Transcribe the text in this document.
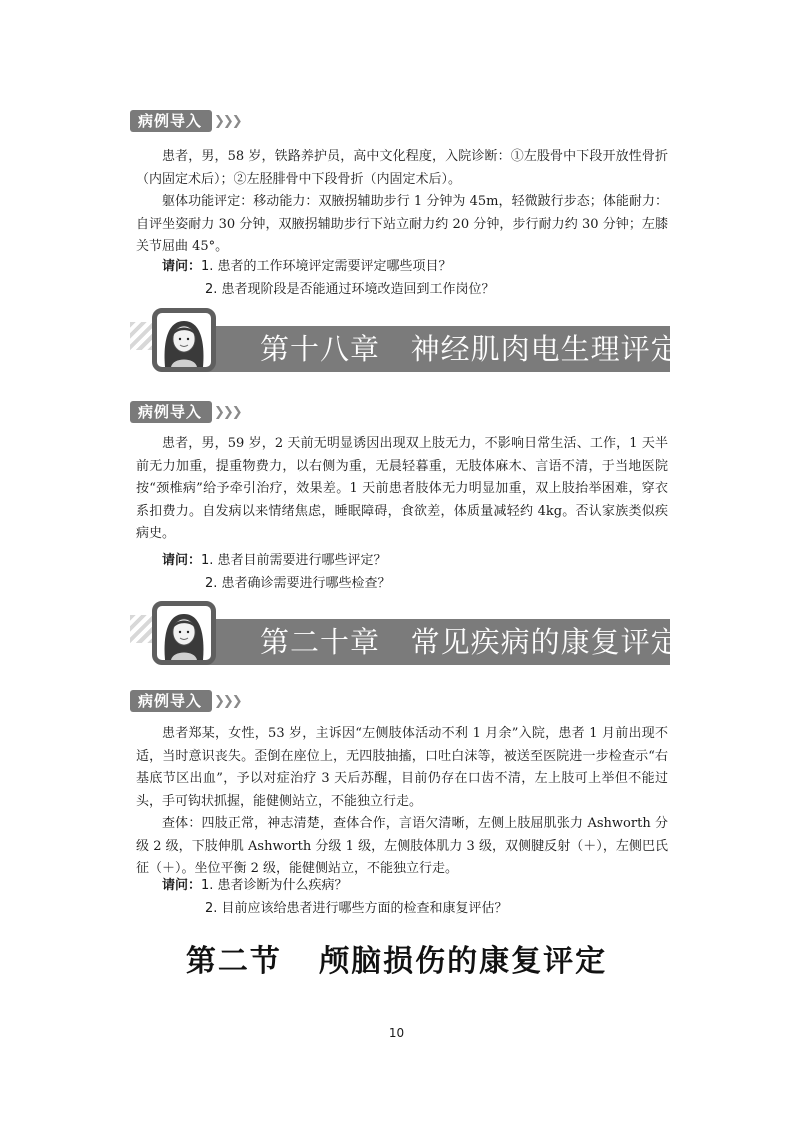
病例导入 ❯❯❯

患者，男，58 岁，铁路养护员，高中文化程度，入院诊断：①左股骨中下段开放性骨折（内固定术后）；②左胫腓骨中下段骨折（内固定术后）。

躯体功能评定：移动能力：双腋拐辅助步行 1 分钟为 45m，轻微跛行步态；体能耐力：自评坐姿耐力 30 分钟，双腋拐辅助步行下站立耐力约 20 分钟，步行耐力约 30 分钟；左膝关节屈曲 45°。

请问：1. 患者的工作环境评定需要评定哪些项目？
2. 患者现阶段是否能通过环境改造回到工作岗位？
第十八章   神经肌肉电生理评定
病例导入 ❯❯❯

患者，男，59 岁，2 天前无明显诱因出现双上肢无力，不影响日常生活、工作，1 天半前无力加重，提重物费力，以右侧为重，无晨轻暮重，无肢体麻木、言语不清，于当地医院按“颈椎病”给予牵引治疗，效果差。1 天前患者肢体无力明显加重，双上肢抬举困难，穿衣系扣费力。自发病以来情绪焦虑，睡眠障碍，食欲差，体质量减轻约 4kg。否认家族类似疾病史。

请问：1. 患者目前需要进行哪些评定？
2. 患者确诊需要进行哪些检查？
第二十章   常见疾病的康复评定
病例导入 ❯❯❯

患者郑某，女性，53 岁，主诉因“左侧肢体活动不利 1 月余”入院，患者 1 月前出现不适，当时意识丧失。歪倒在座位上，无四肢抽搐，口吐白沫等，被送至医院进一步检查示“右基底节区出血”，予以对症治疗 3 天后苏醒，目前仍存在口齿不清，左上肢可上举但不能过头，手可钩状抓握，能健侧站立，不能独立行走。

查体：四肢正常，神志清楚，查体合作，言语欠清晰，左侧上肢屈肌张力 Ashworth 分级 2 级，下肢伸肌 Ashworth 分级 1 级，左侧肢体肌力 3 级，双侧腱反射（＋），左侧巴氏征（＋）。坐位平衡 2 级，能健侧站立，不能独立行走。

请问：1. 患者诊断为什么疾病？
2. 目前应该给患者进行哪些方面的检查和康复评估？
第二节   颅脑损伤的康复评定
10
